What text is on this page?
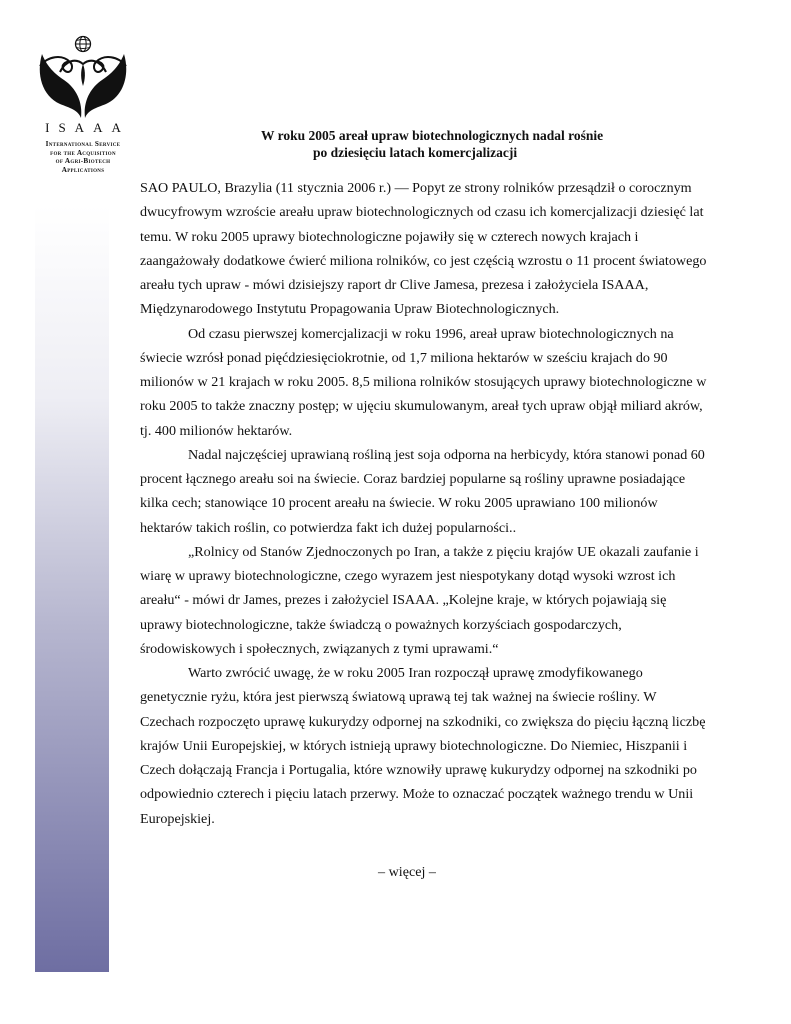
ISAAA
International Service
for the Acquisition
of Agri-Biotech
Applications
W roku 2005 areał upraw biotechnologicznych nadal rośnie
po dziesięciu latach komercjalizacji

SAO PAULO, Brazylia (11 stycznia 2006 r.) — Popyt ze strony rolników przesądził o corocznym dwucyfrowym wzroście areału upraw biotechnologicznych od czasu ich komercjalizacji dziesięć lat temu. W roku 2005 uprawy biotechnologiczne pojawiły się w czterech nowych krajach i zaangażowały dodatkowe ćwierć miliona rolników, co jest częścią wzrostu o 11 procent światowego areału tych upraw - mówi dzisiejszy raport dr Clive Jamesa, prezesa i założyciela ISAAA, Międzynarodowego Instytutu Propagowania Upraw Biotechnologicznych.

Od czasu pierwszej komercjalizacji w roku 1996, areał upraw biotechnologicznych na świecie wzrósł ponad pięćdziesięciokrotnie, od 1,7 miliona hektarów w sześciu krajach do 90 milionów w 21 krajach w roku 2005. 8,5 miliona rolników stosujących uprawy biotechnologiczne w roku 2005 to także znaczny postęp; w ujęciu skumulowanym, areał tych upraw objął miliard akrów, tj. 400 milionów hektarów.

Nadal najczęściej uprawianą rośliną jest soja odporna na herbicydy, która stanowi ponad 60 procent łącznego areału soi na świecie. Coraz bardziej popularne są rośliny uprawne posiadające kilka cech; stanowiące 10 procent areału na świecie. W roku 2005 uprawiano 100 milionów hektarów takich roślin, co potwierdza fakt ich dużej popularności..

„Rolnicy od Stanów Zjednoczonych po Iran, a także z pięciu krajów UE okazali zaufanie i wiarę w uprawy biotechnologiczne, czego wyrazem jest niespotykany dotąd wysoki wzrost ich areału“ - mówi dr James, prezes i założyciel ISAAA. „Kolejne kraje, w których pojawiają się uprawy biotechnologiczne, także świadczą o poważnych korzyściach gospodarczych, środowiskowych i społecznych, związanych z tymi uprawami.“

Warto zwrócić uwagę, że w roku 2005 Iran rozpoczął uprawę zmodyfikowanego genetycznie ryżu, która jest pierwszą światową uprawą tej tak ważnej na świecie rośliny. W Czechach rozpoczęto uprawę kukurydzy odpornej na szkodniki, co zwiększa do pięciu łączną liczbę krajów Unii Europejskiej, w których istnieją uprawy biotechnologiczne. Do Niemiec, Hiszpanii i Czech dołączają Francja i Portugalia, które wznowiły uprawę kukurydzy odpornej na szkodniki po odpowiednio czterech i pięciu latach przerwy. Może to oznaczać początek ważnego trendu w Unii Europejskiej.

– więcej –
